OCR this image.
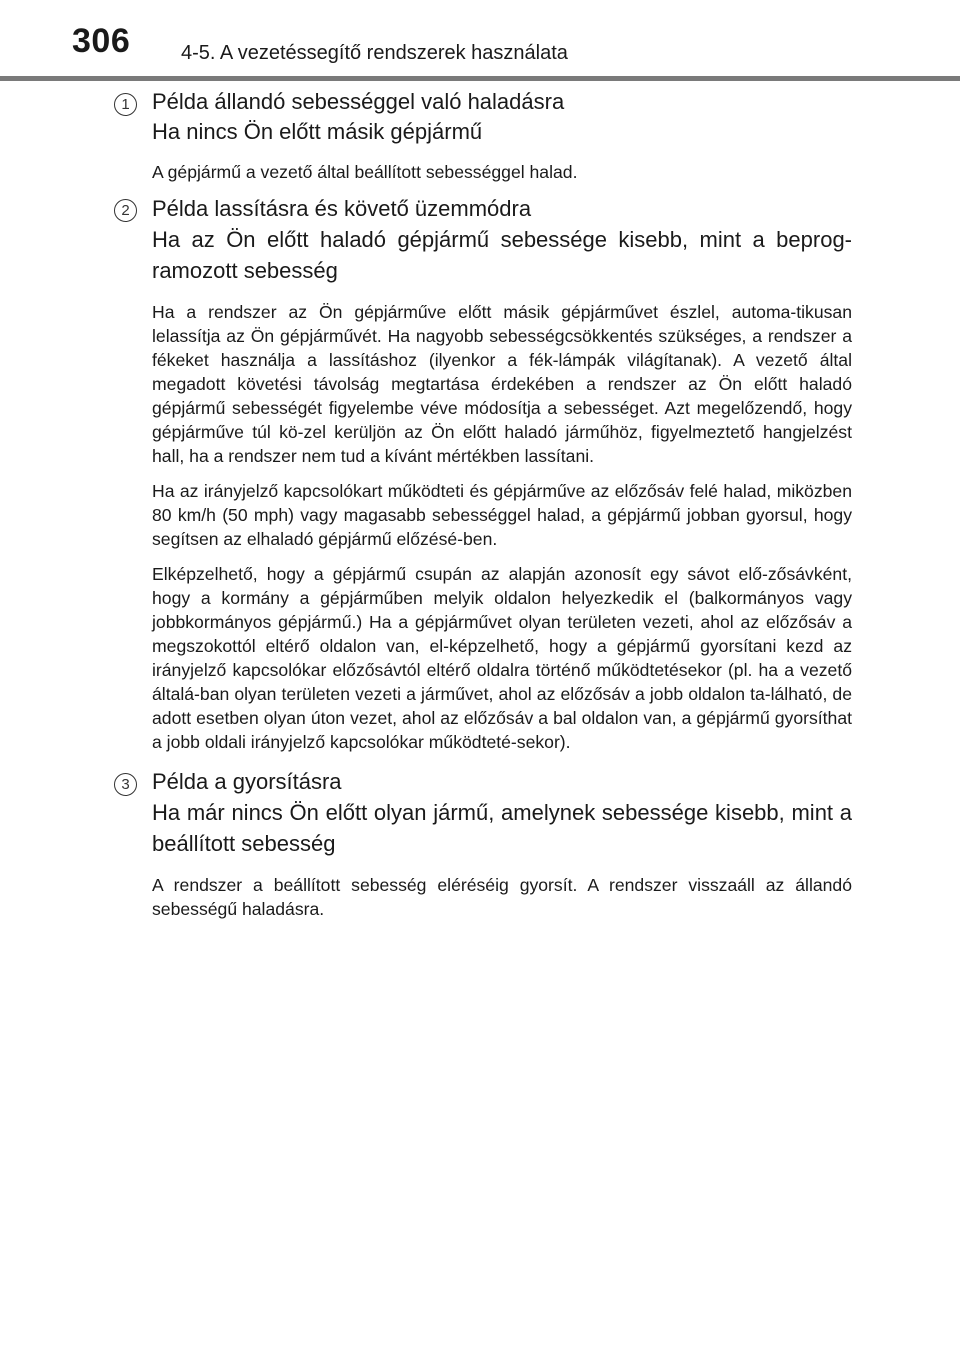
306	4-5. A vezetéssegítő rendszerek használata
1	Példa állandó sebességgel való haladásra
Ha nincs Ön előtt másik gépjármű
A gépjármű a vezető által beállított sebességgel halad.
2	Példa lassításra és követő üzemmódra
Ha az Ön előtt haladó gépjármű sebessége kisebb, mint a beprog-ramozott sebesség
Ha a rendszer az Ön gépjárművе előtt másik gépjárművet észlel, automa-tikusan lelassítja az Ön gépjárművét. Ha nagyobb sebességcsökkentés szükséges, a rendszer a fékeket használja a lassításhoz (ilyenkor a fék-lámpák világítanak). A vezető által megadott követési távolság megtartása érdekében a rendszer az Ön előtt haladó gépjármű sebességét figyelembe véve módosítja a sebességet. Azt megelőzendő, hogy gépjárművе túl kö-zel kerüljön az Ön előtt haladó járműhöz, figyelmeztető hangjelzést hall, ha a rendszer nem tud a kívánt mértékben lassítani.
Ha az irányjelző kapcsolókart működteti és gépjárművе az előzősáv felé halad, miközben 80 km/h (50 mph) vagy magasabb sebességgel halad, a gépjármű jobban gyorsul, hogy segítsen az elhaladó gépjármű előzésé-ben.
Elképzelhető, hogy a gépjármű csupán az alapján azonosít egy sávot elő-zősávként, hogy a kormány a gépjárműben melyik oldalon helyezkedik el (balkormányos vagy jobbkormányos gépjármű.) Ha a gépjárművet olyan területen vezeti, ahol az előzősáv a megszokottól eltérő oldalon van, el-képzelhető, hogy a gépjármű gyorsítani kezd az irányjelző kapcsolókar előzősávtól eltérő oldalra történő működtetésekor (pl. ha a vezető általá-ban olyan területen vezeti a járművet, ahol az előzősáv a jobb oldalon ta-lálható, de adott esetben olyan úton vezet, ahol az előzősáv a bal oldalon van, a gépjármű gyorsíthat a jobb oldali irányjelző kapcsolókar működteté-sekor).
3	Példa a gyorsításra
Ha már nincs Ön előtt olyan jármű, amelynek sebessége kisebb, mint a beállított sebesség
A rendszer a beállított sebesség eléréséig gyorsít. A rendszer visszaáll az állandó sebességű haladásra.
